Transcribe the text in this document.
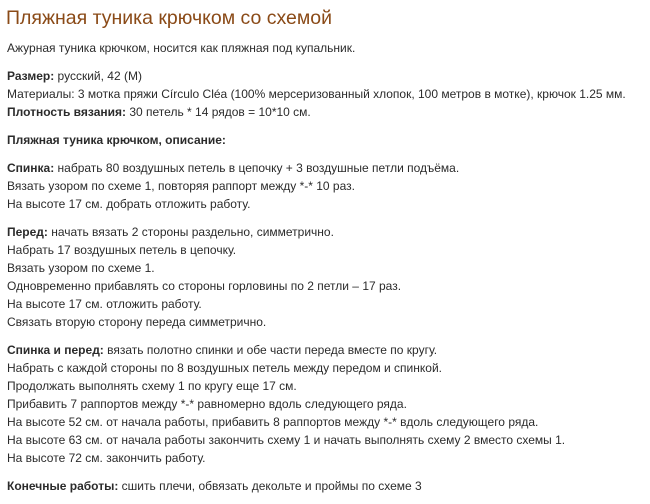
Пляжная туника крючком со схемой

Ажурная туника крючком, носится как пляжная под купальник.

Размер: русский, 42 (M)

Материалы: 3 мотка пряжи Círculo Cléa (100% мерсеризованный хлопок, 100 метров в мотке), крючок 1.25 мм.

Плотность вязания: 30 петель * 14 рядов = 10*10 см.

Пляжная туника крючком, описание:

Спинка: набрать 80 воздушных петель в цепочку + 3 воздушные петли подъёма.

Вязать узором по схеме 1, повторяя раппорт между *-* 10 раз.

На высоте 17 см. добрать отложить работу.

Перед: начать вязать 2 стороны раздельно, симметрично.

Набрать 17 воздушных петель в цепочку.

Вязать узором по схеме 1.

Одновременно прибавлять со стороны горловины по 2 петли – 17 раз.

На высоте 17 см. отложить работу.

Связать вторую сторону переда симметрично.

Спинка и перед: вязать полотно спинки и обе части переда вместе по кругу.

Набрать с каждой стороны по 8 воздушных петель между передом и спинкой.

Продолжать выполнять схему 1 по кругу еще 17 см.

Прибавить 7 раппортов между *-* равномерно вдоль следующего ряда.

На высоте 52 см. от начала работы, прибавить 8 раппортов между *-* вдоль следующего ряда.

На высоте 63 см. от начала работы закончить схему 1 и начать выполнять схему 2 вместо схемы 1.

На высоте 72 см. закончить работу.

Конечные работы: сшить плечи, обвязать декольте и проймы по схеме 3
